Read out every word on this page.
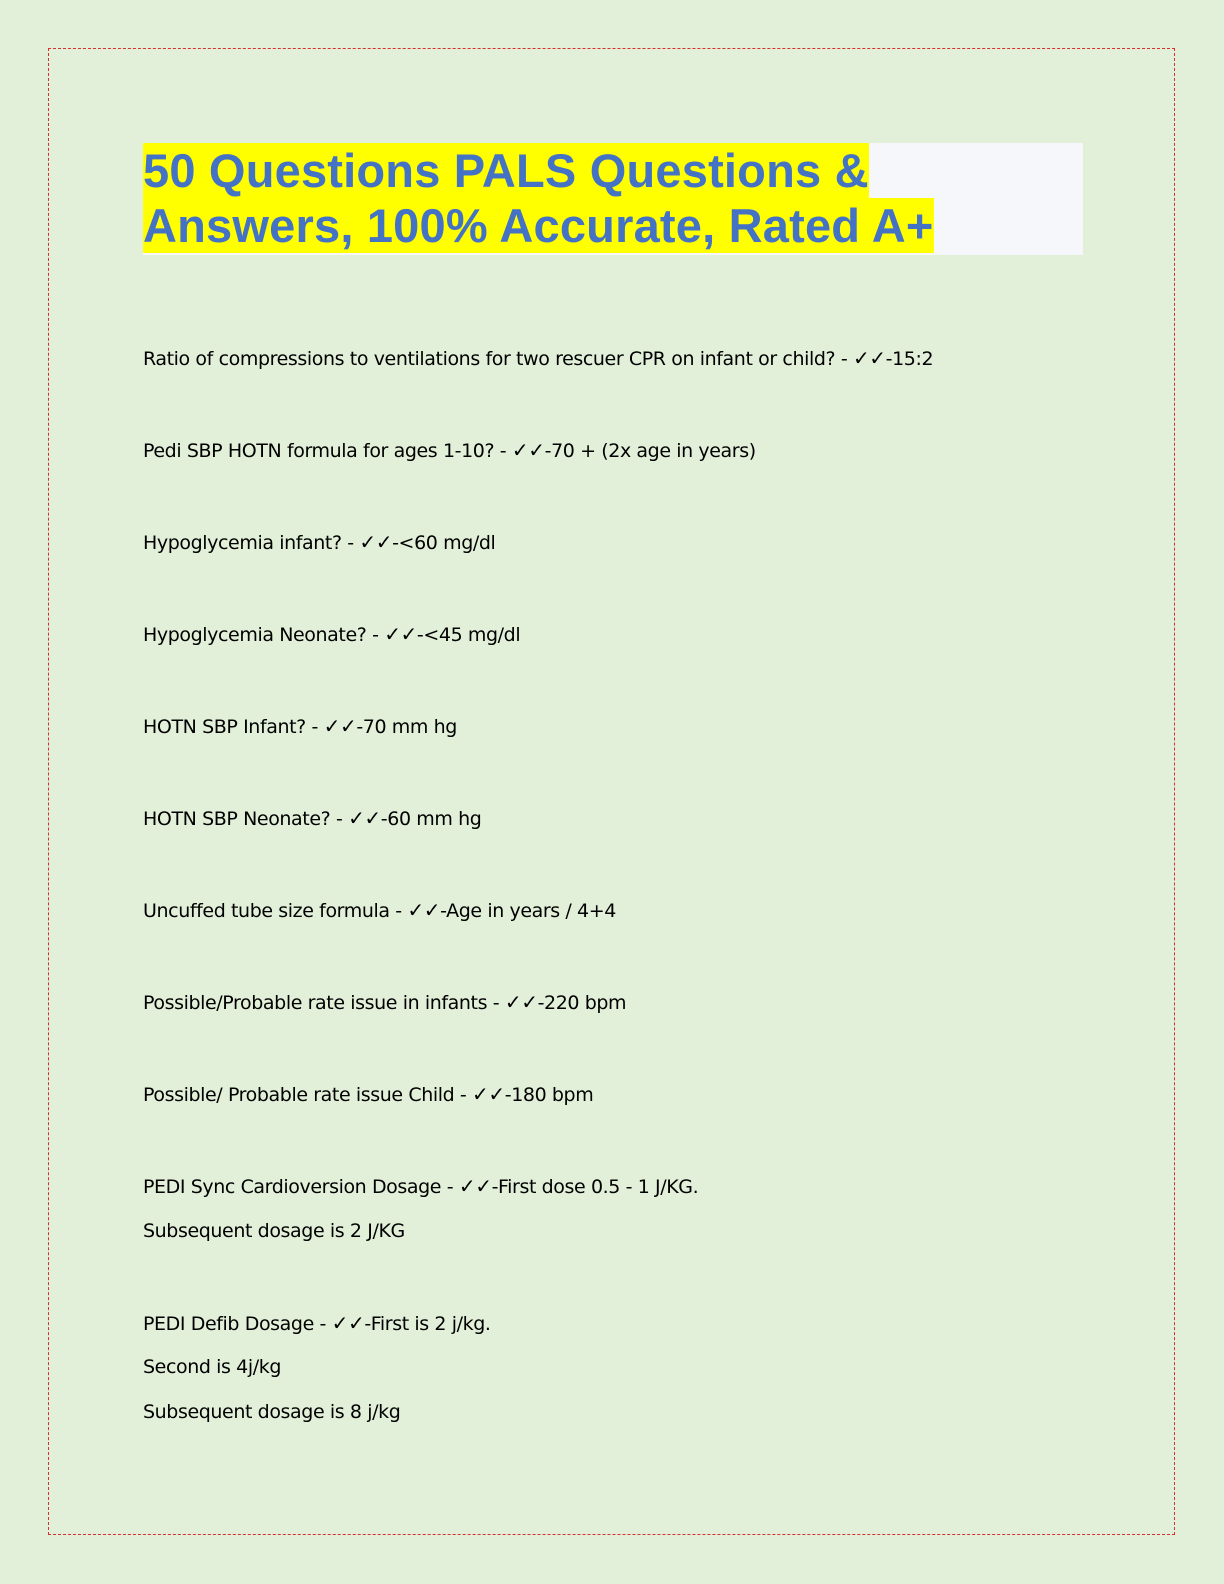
50 Questions PALS Questions &
Answers, 100% Accurate, Rated A+

Ratio of compressions to ventilations for two rescuer CPR on infant or child? - ✓✓-15:2

Pedi SBP HOTN formula for ages 1-10? - ✓✓-70 + (2x age in years)

Hypoglycemia infant? - ✓✓-<60 mg/dl

Hypoglycemia Neonate? - ✓✓-<45 mg/dl

HOTN SBP Infant? - ✓✓-70 mm hg

HOTN SBP Neonate? - ✓✓-60 mm hg

Uncuffed tube size formula - ✓✓-Age in years / 4+4

Possible/Probable rate issue in infants - ✓✓-220 bpm

Possible/ Probable rate issue Child - ✓✓-180 bpm

PEDI Sync Cardioversion Dosage - ✓✓-First dose 0.5 - 1 J/KG.

Subsequent dosage is 2 J/KG

PEDI Defib Dosage - ✓✓-First is 2 j/kg.

Second is 4j/kg

Subsequent dosage is 8 j/kg
